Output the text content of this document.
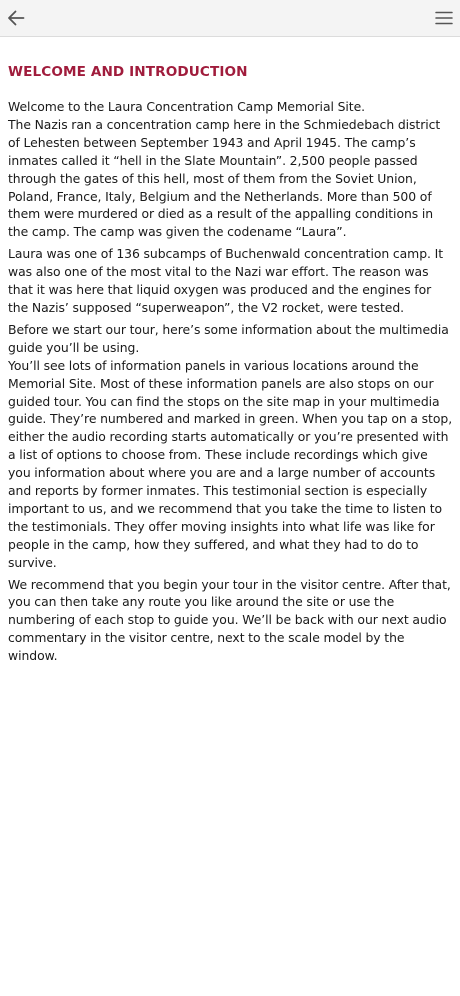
WELCOME AND INTRODUCTION

Welcome to the Laura Concentration Camp Memorial Site.
The Nazis ran a concentration camp here in the Schmiedebach district of Lehesten between September 1943 and April 1945. The camp’s inmates called it “hell in the Slate Mountain”. 2,500 people passed through the gates of this hell, most of them from the Soviet Union, Poland, France, Italy, Belgium and the Netherlands. More than 500 of them were murdered or died as a result of the appalling conditions in the camp. The camp was given the codename “Laura”.

Laura was one of 136 subcamps of Buchenwald concentration camp. It was also one of the most vital to the Nazi war effort. The reason was that it was here that liquid oxygen was produced and the engines for the Nazis’ supposed “superweapon”, the V2 rocket, were tested.

Before we start our tour, here’s some information about the multimedia guide you’ll be using.
You’ll see lots of information panels in various locations around the Memorial Site. Most of these information panels are also stops on our guided tour. You can find the stops on the site map in your multimedia guide. They’re numbered and marked in green. When you tap on a stop, either the audio recording starts automatically or you’re presented with a list of options to choose from. These include recordings which give you information about where you are and a large number of accounts and reports by former inmates. This testimonial section is especially important to us, and we recommend that you take the time to listen to the testimonials. They offer moving insights into what life was like for people in the camp, how they suffered, and what they had to do to survive.

We recommend that you begin your tour in the visitor centre. After that, you can then take any route you like around the site or use the numbering of each stop to guide you. We’ll be back with our next audio commentary in the visitor centre, next to the scale model by the window.
